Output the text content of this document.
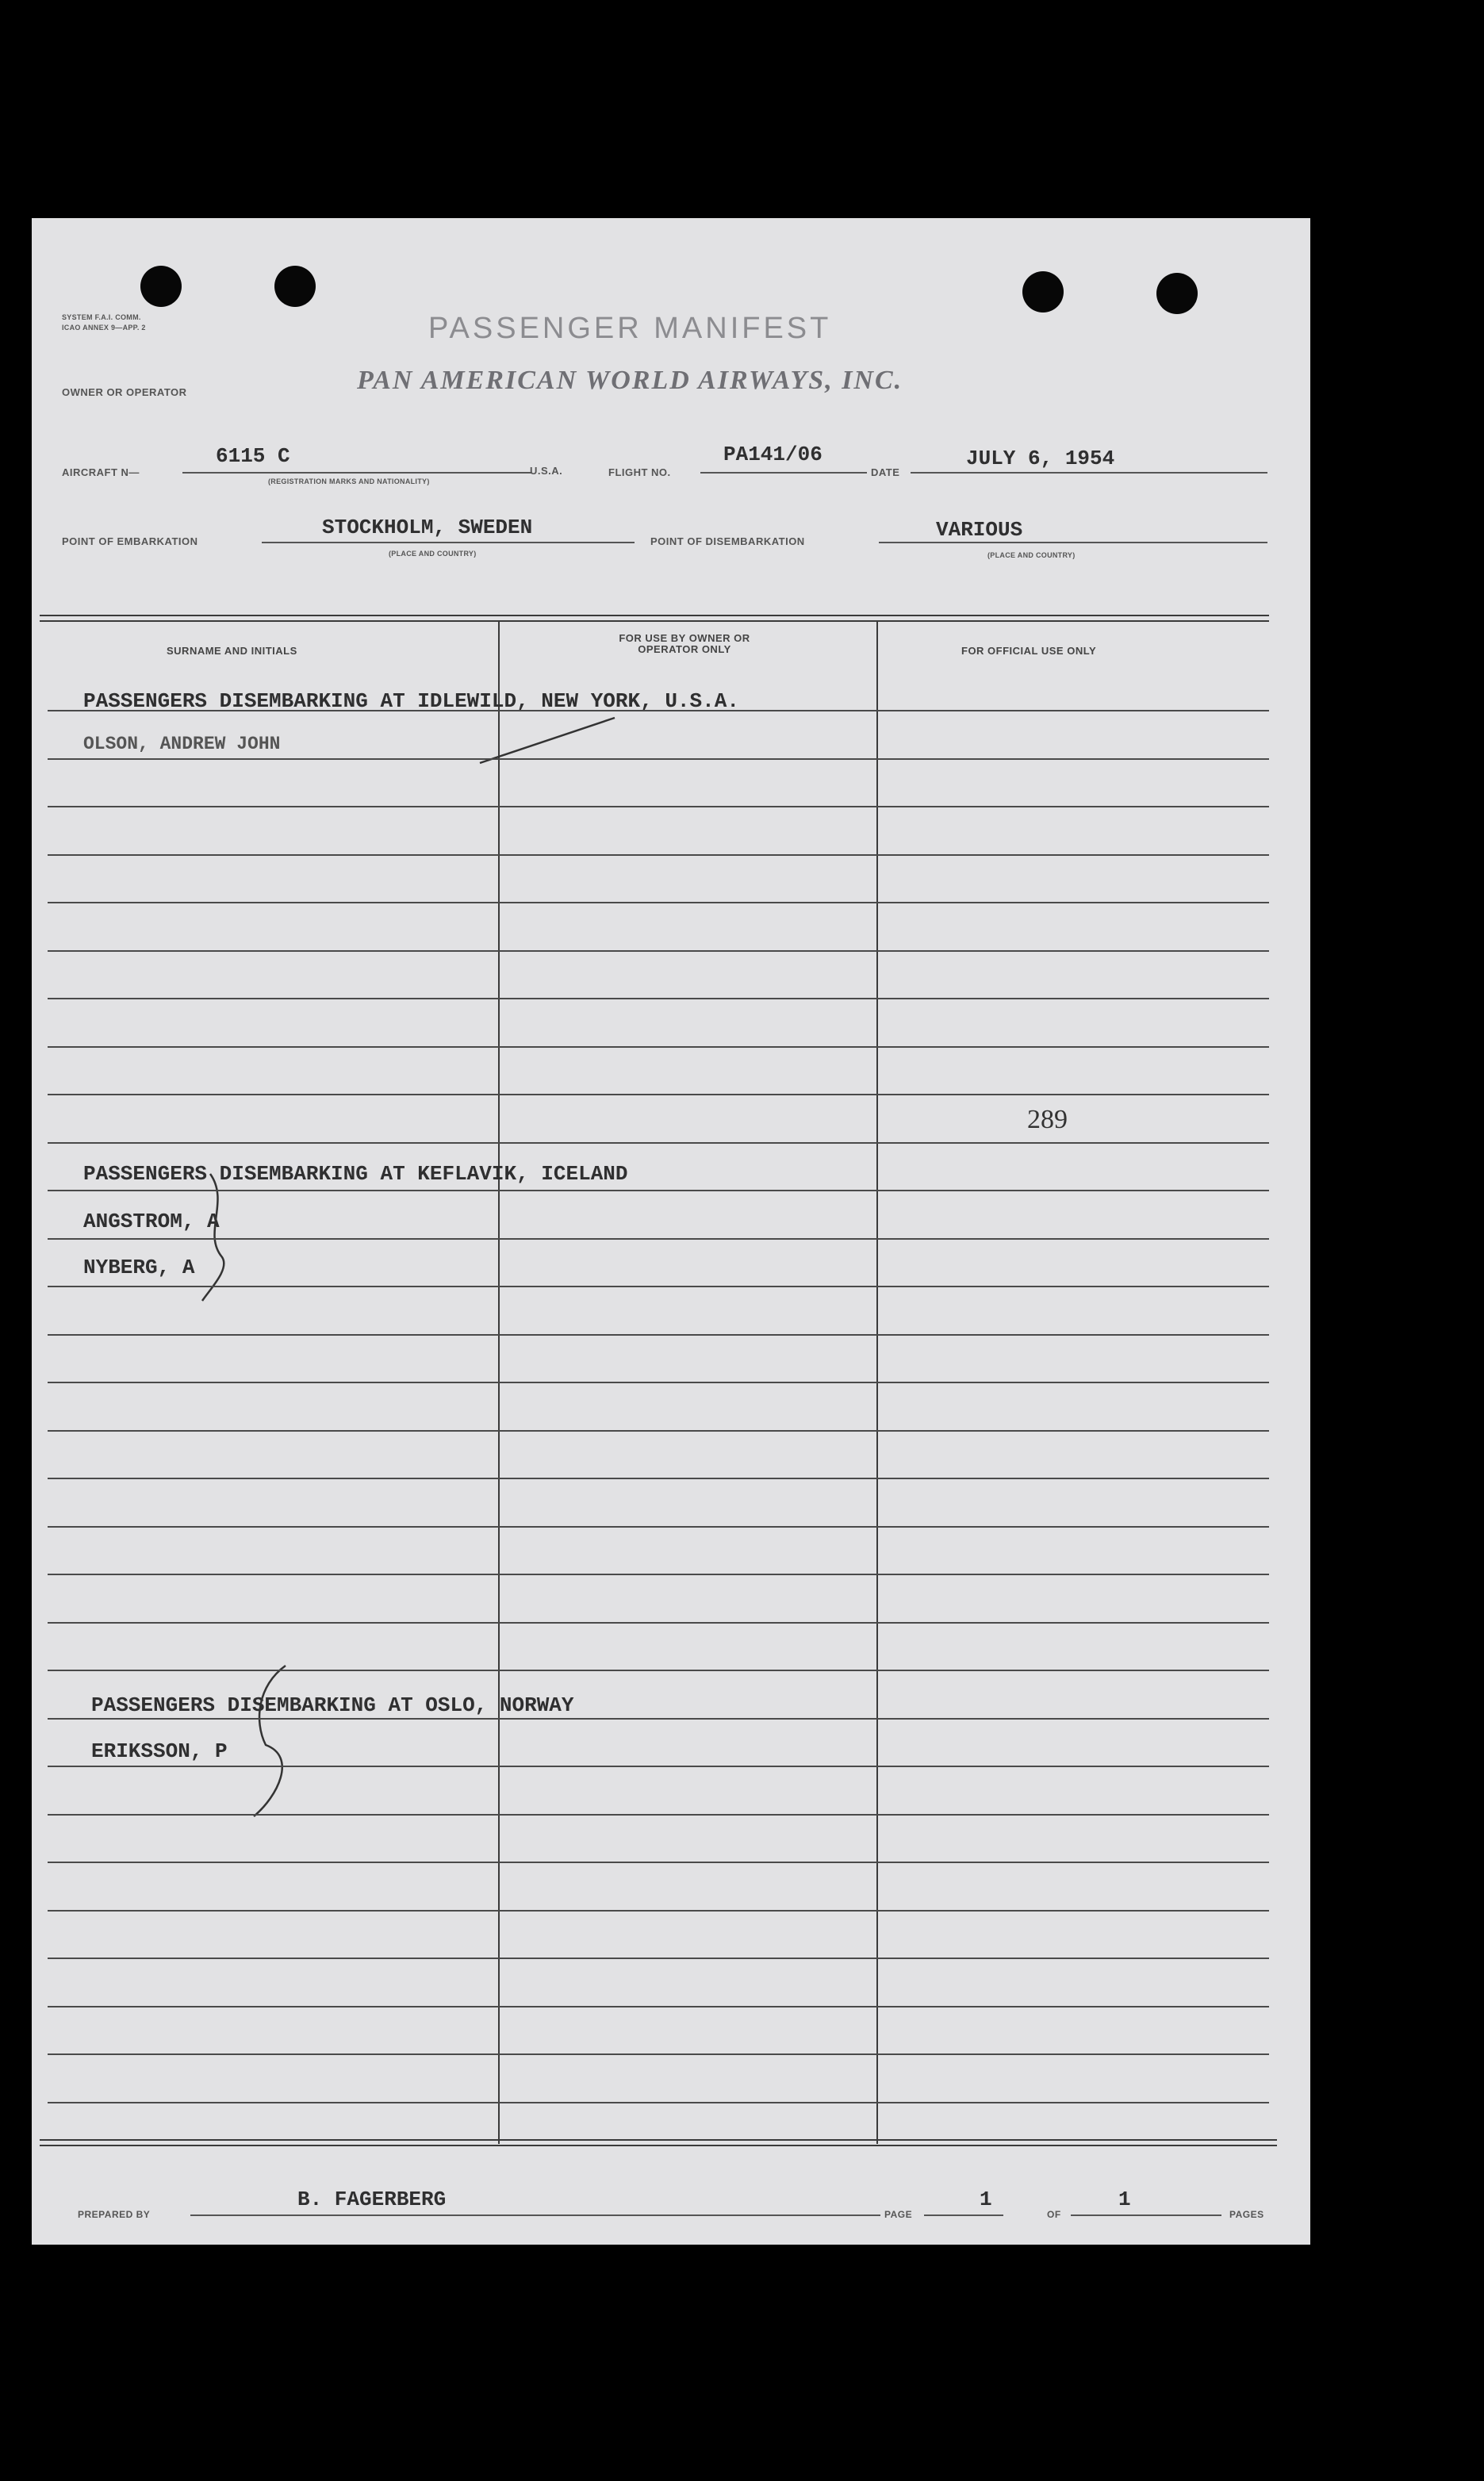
SYSTEM F.A.I. COMM.
ICAO ANNEX 9—APP. 2	PASSENGER MANIFEST
OWNER OR OPERATOR	PAN AMERICAN WORLD AIRWAYS, INC.
AIRCRAFT N—
6115 C
(REGISTRATION MARKS AND NATIONALITY)
U.S.A.	FLIGHT NO.
PA141/06
DATE
JULY 6, 1954
POINT OF EMBARKATION
STOCKHOLM, SWEDEN
(PLACE AND COUNTRY)
POINT OF DISEMBARKATION	VARIOUS
(PLACE AND COUNTRY)
SURNAME AND INITIALS
FOR USE BY OWNER OR OPERATOR ONLY	FOR OFFICIAL USE ONLY
PASSENGERS DISEMBARKING AT IDLEWILD, NEW YORK, U.S.A.
OLSON, ANDREW JOHN
289
PASSENGERS DISEMBARKING AT KEFLAVIK, ICELAND
ANGSTROM, A
NYBERG, A
PASSENGERS DISEMBARKING AT OSLO, NORWAY
ERIKSSON, P
PREPARED BY
B. FAGERBERG
PAGE
1
OF
1
PAGES
